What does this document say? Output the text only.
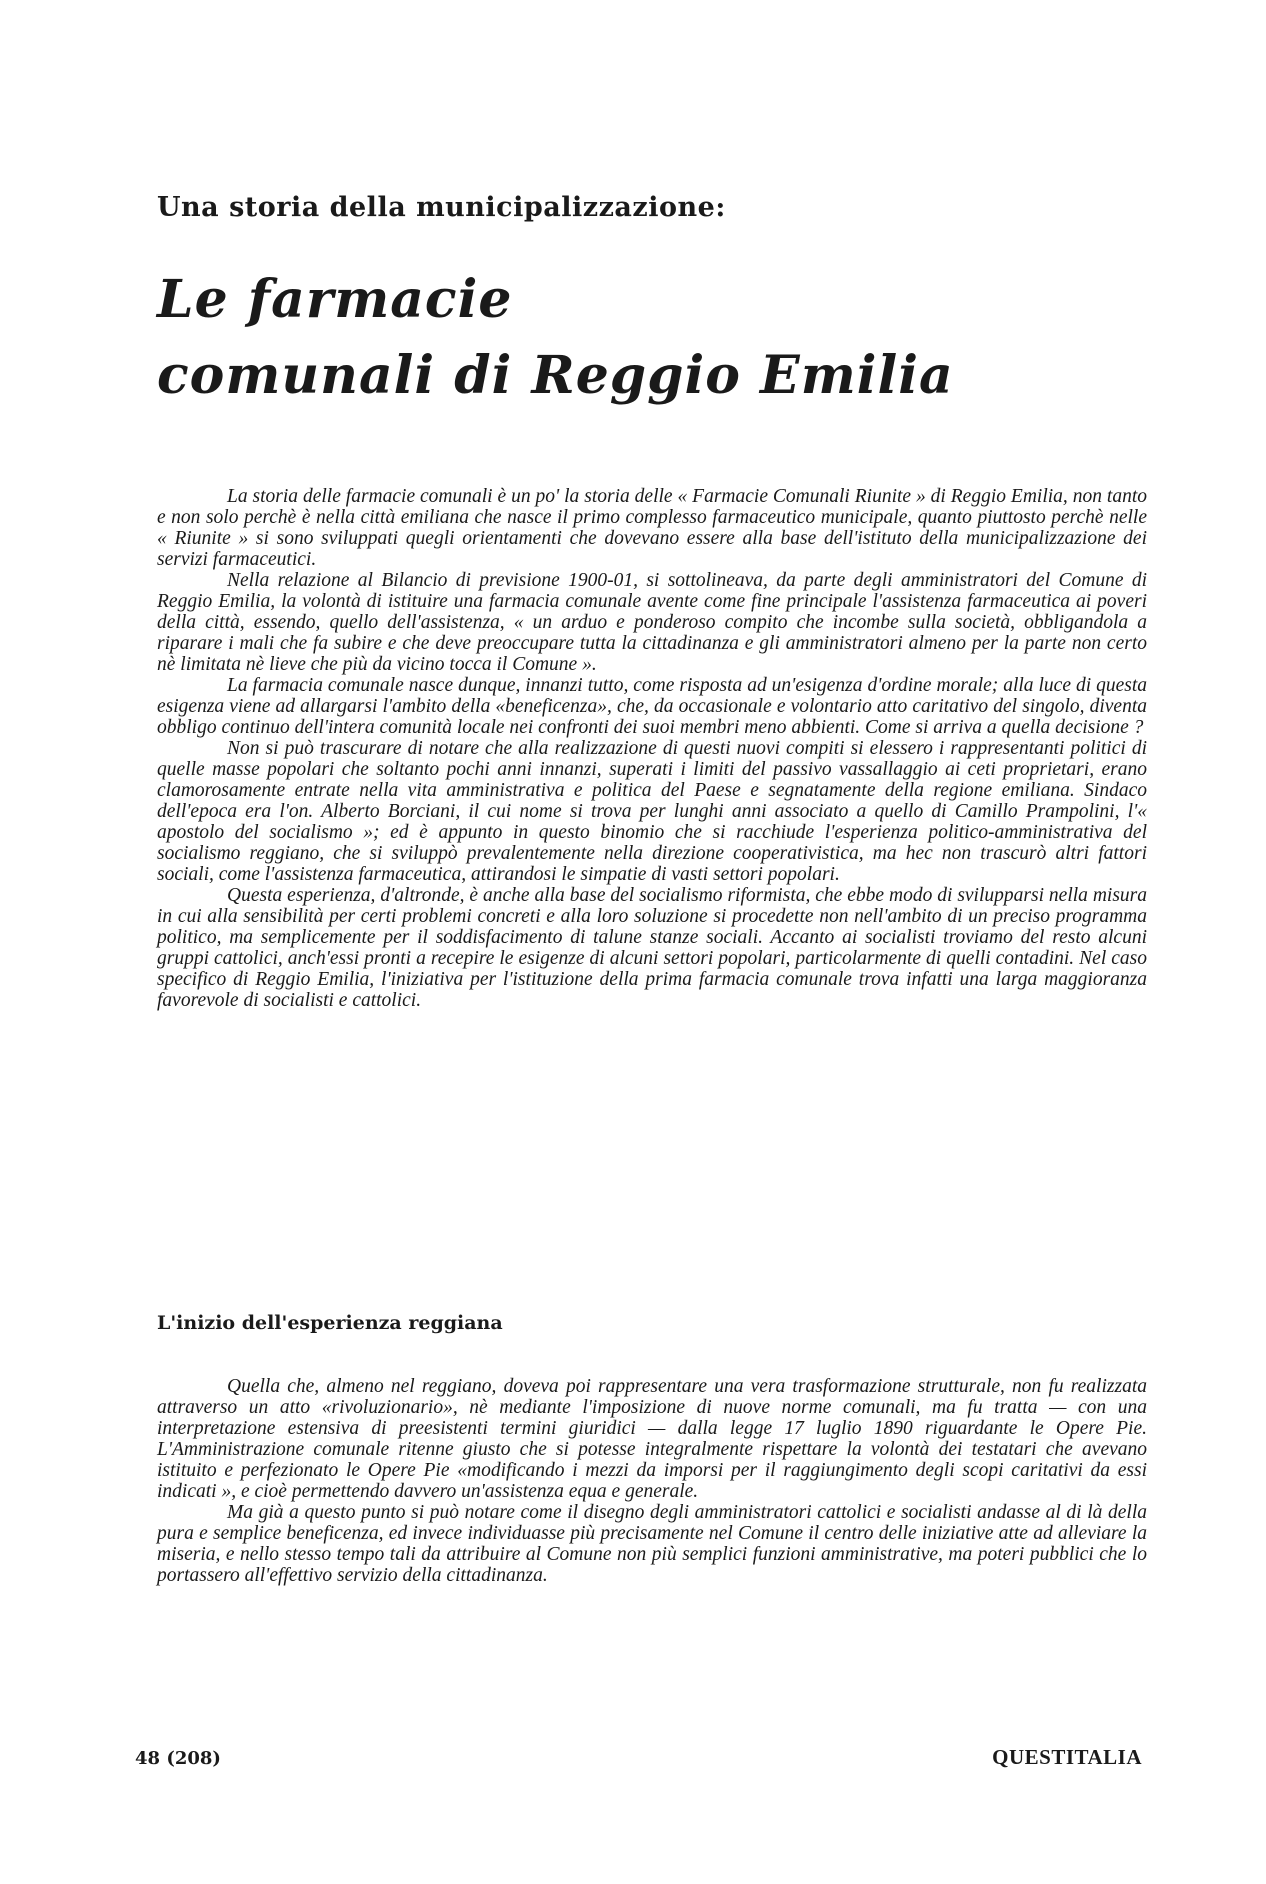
Una storia della municipalizzazione:
Le farmacie
comunali di Reggio Emilia

La storia delle farmacie comunali è un po' la storia delle « Farmacie Comunali Riunite » di Reggio Emilia, non tanto e non solo perchè è nella città emiliana che nasce il primo complesso farmaceutico municipale, quanto piuttosto perchè nelle « Riunite » si sono sviluppati quegli orientamenti che dovevano essere alla base dell'istituto della municipalizzazione dei servizi farmaceutici.

Nella relazione al Bilancio di previsione 1900-01, si sottolineava, da parte degli amministratori del Comune di Reggio Emilia, la volontà di istituire una farmacia comunale avente come fine principale l'assistenza farmaceutica ai poveri della città, essendo, quello dell'assistenza, « un arduo e ponderoso compito che incombe sulla società, obbligandola a riparare i mali che fa subire e che deve preoccupare tutta la cittadinanza e gli amministratori almeno per la parte non certo nè limitata nè lieve che più da vicino tocca il Comune ».

La farmacia comunale nasce dunque, innanzi tutto, come risposta ad un'esigenza d'ordine morale; alla luce di questa esigenza viene ad allargarsi l'ambito della «beneficenza», che, da occasionale e volontario atto caritativo del singolo, diventa obbligo continuo dell'intera comunità locale nei confronti dei suoi membri meno abbienti. Come si arriva a quella decisione ?

Non si può trascurare di notare che alla realizzazione di questi nuovi compiti si elessero i rappresentanti politici di quelle masse popolari che soltanto pochi anni innanzi, superati i limiti del passivo vassallaggio ai ceti proprietari, erano clamorosamente entrate nella vita amministrativa e politica del Paese e segnatamente della regione emiliana. Sindaco dell'epoca era l'on. Alberto Borciani, il cui nome si trova per lunghi anni associato a quello di Camillo Prampolini, l'« apostolo del socialismo »; ed è appunto in questo binomio che si racchiude l'esperienza politico-amministrativa del socialismo reggiano, che si sviluppò prevalentemente nella direzione cooperativistica, ma hec non trascurò altri fattori sociali, come l'assistenza farmaceutica, attirandosi le simpatie di vasti settori popolari.

Questa esperienza, d'altronde, è anche alla base del socialismo riformista, che ebbe modo di svilupparsi nella misura in cui alla sensibilità per certi problemi concreti e alla loro soluzione si procedette non nell'ambito di un preciso programma politico, ma semplicemente per il soddisfacimento di talune stanze sociali. Accanto ai socialisti troviamo del resto alcuni gruppi cattolici, anch'essi pronti a recepire le esigenze di alcuni settori popolari, particolarmente di quelli contadini. Nel caso specifico di Reggio Emilia, l'iniziativa per l'istituzione della prima farmacia comunale trova infatti una larga maggioranza favorevole di socialisti e cattolici.

L'inizio dell'esperienza reggiana

Quella che, almeno nel reggiano, doveva poi rappresentare una vera trasformazione strutturale, non fu realizzata attraverso un atto «rivoluzionario», nè mediante l'imposizione di nuove norme comunali, ma fu tratta — con una interpretazione estensiva di preesistenti termini giuridici — dalla legge 17 luglio 1890 riguardante le Opere Pie. L'Amministrazione comunale ritenne giusto che si potesse integralmente rispettare la volontà dei testatari che avevano istituito e perfezionato le Opere Pie «modificando i mezzi da imporsi per il raggiungimento degli scopi caritativi da essi indicati », e cioè permettendo davvero un'assistenza equa e generale.

Ma già a questo punto si può notare come il disegno degli amministratori cattolici e socialisti andasse al di là della pura e semplice beneficenza, ed invece individuasse più precisamente nel Comune il centro delle iniziative atte ad alleviare la miseria, e nello stesso tempo tali da attribuire al Comune non più semplici funzioni amministrative, ma poteri pubblici che lo portassero all'effettivo servizio della cittadinanza.

48 (208)	QUESTITALIA
